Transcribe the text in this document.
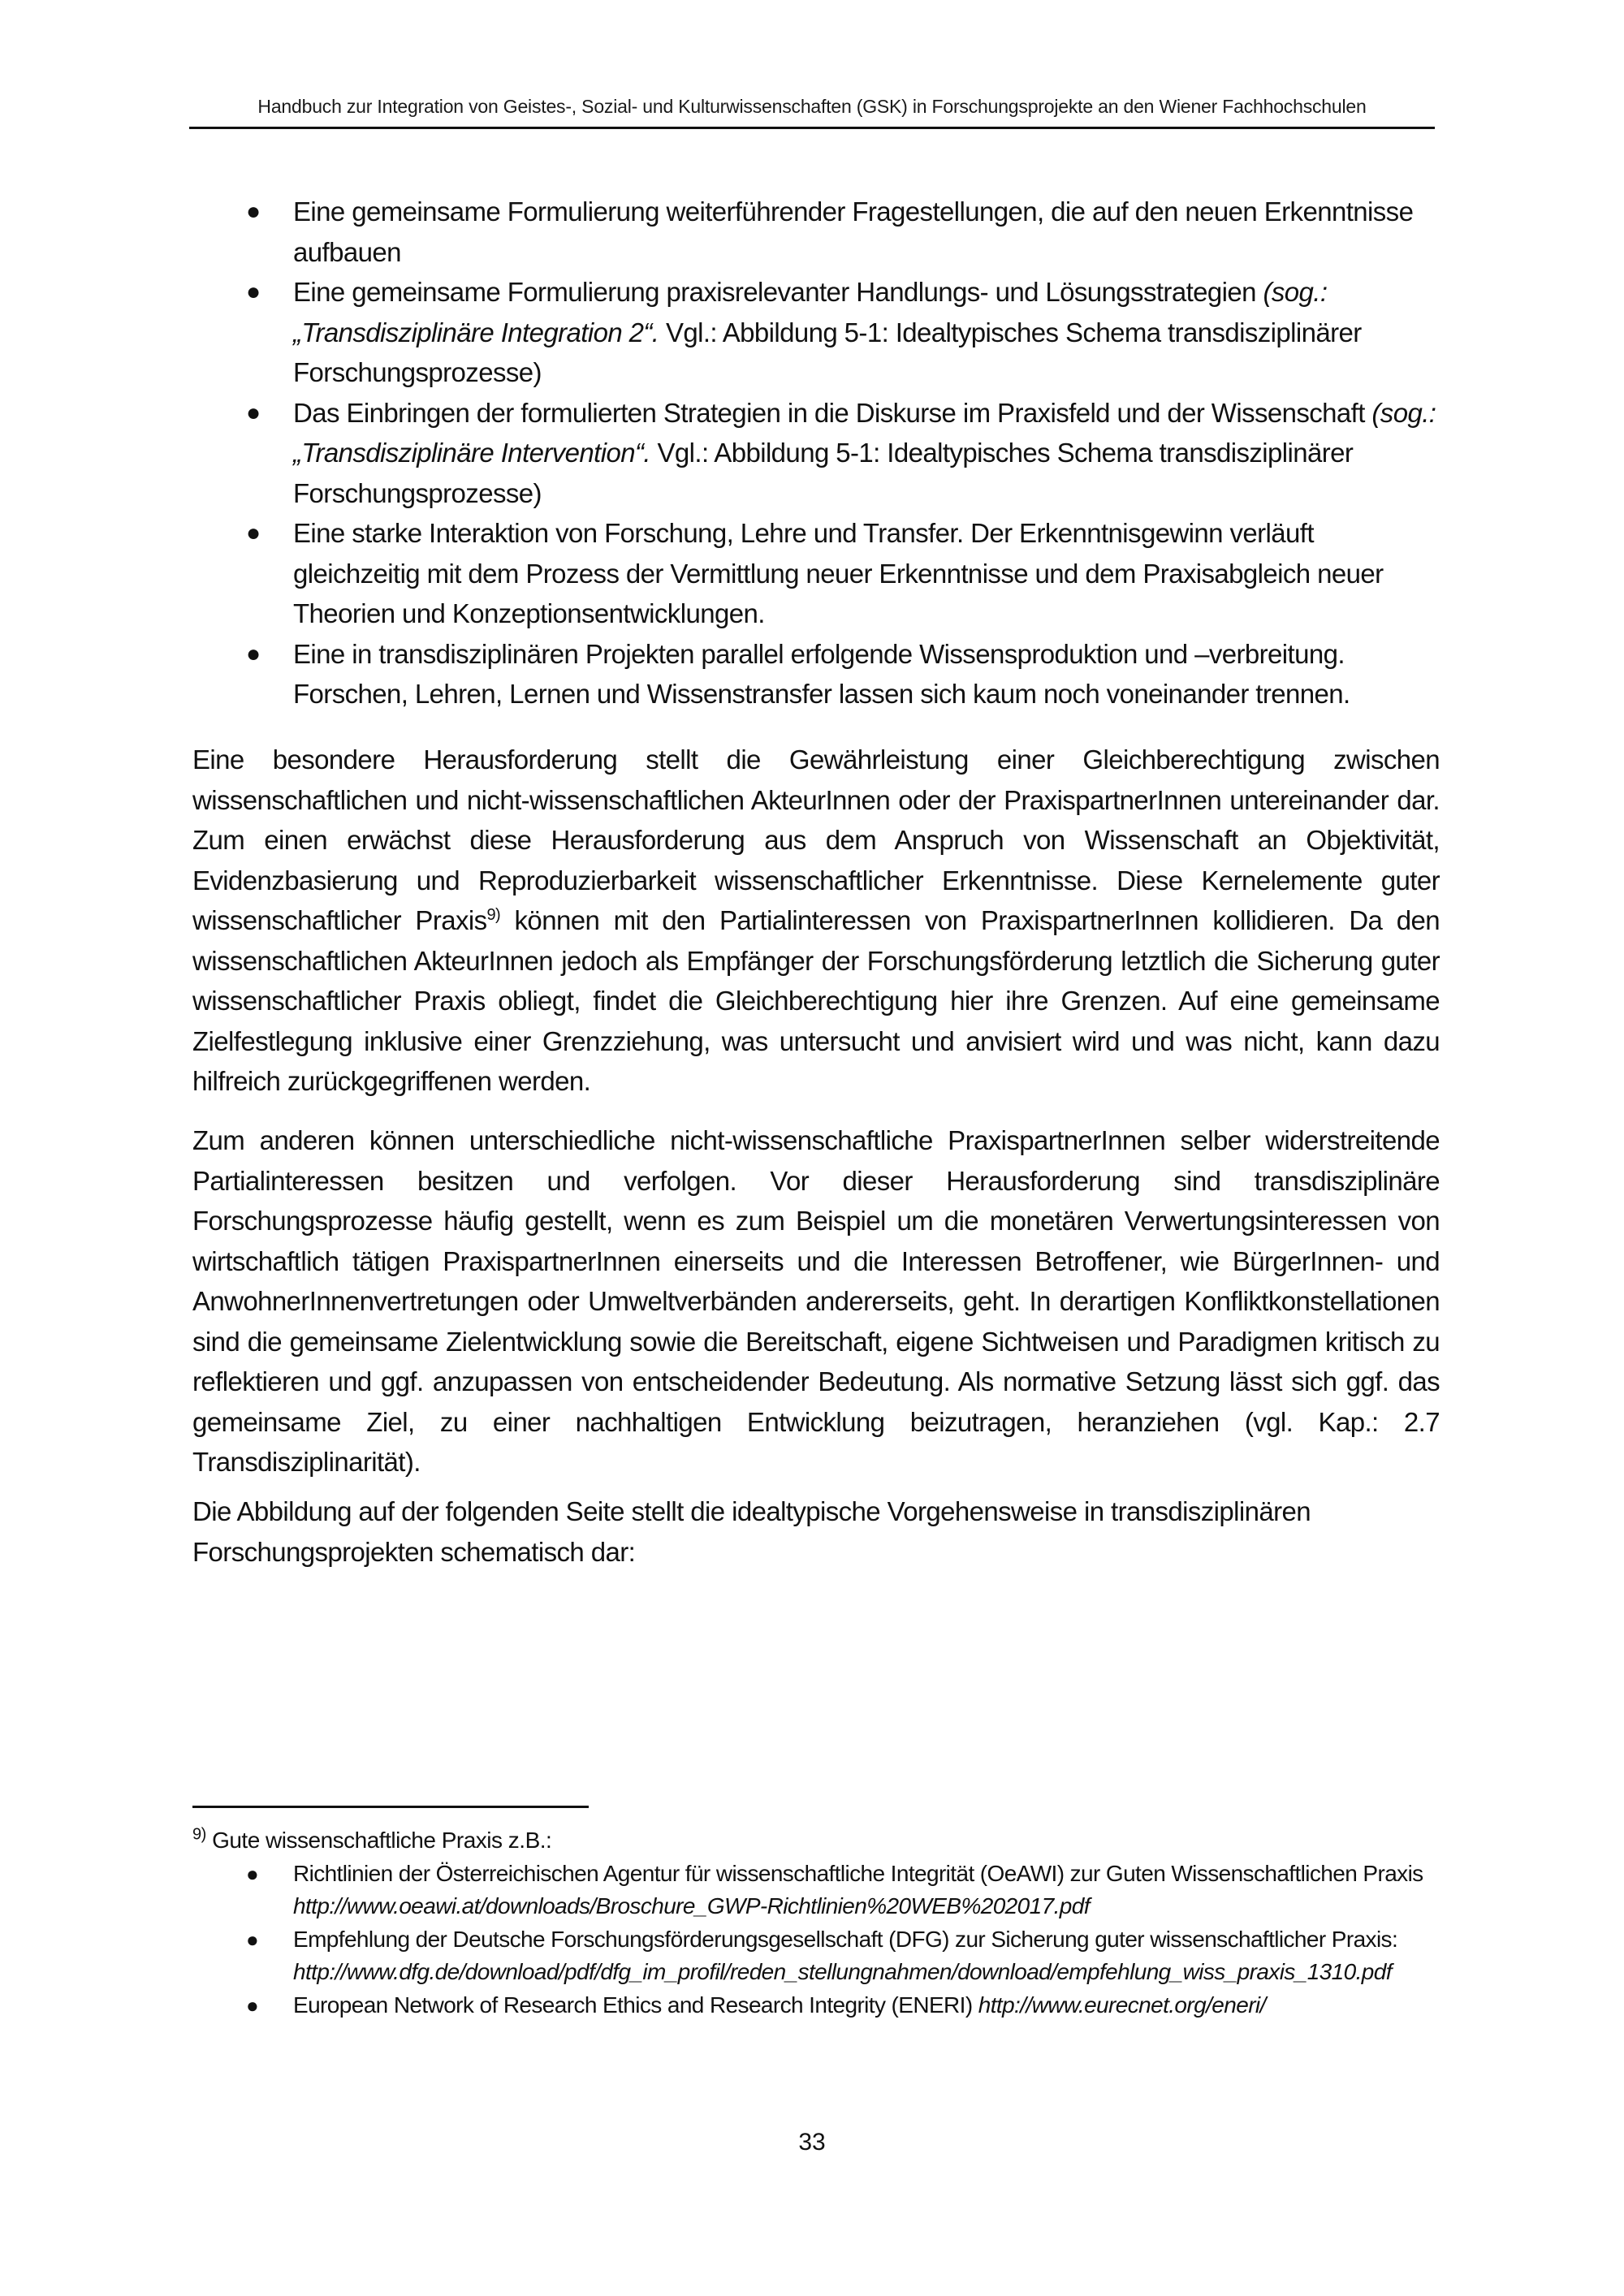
Handbuch zur Integration von Geistes-, Sozial- und Kulturwissenschaften (GSK) in Forschungsprojekte an den Wiener Fachhochschulen
● Eine gemeinsame Formulierung weiterführender Fragestellungen, die auf den neuen Erkenntnisse aufbauen
● Eine gemeinsame Formulierung praxisrelevanter Handlungs- und Lösungsstrategien (sog.: „Transdisziplinäre Integration 2“. Vgl.: Abbildung 5-1: Idealtypisches Schema transdisziplinärer Forschungsprozesse)
● Das Einbringen der formulierten Strategien in die Diskurse im Praxisfeld und der Wissenschaft (sog.: „Transdisziplinäre Intervention“. Vgl.: Abbildung 5-1: Idealtypisches Schema transdisziplinärer Forschungsprozesse)
● Eine starke Interaktion von Forschung, Lehre und Transfer. Der Erkenntnisgewinn verläuft gleichzeitig mit dem Prozess der Vermittlung neuer Erkenntnisse und dem Praxisabgleich neuer Theorien und Konzeptionsentwicklungen.
● Eine in transdisziplinären Projekten parallel erfolgende Wissensproduktion und –verbreitung. Forschen, Lehren, Lernen und Wissenstransfer lassen sich kaum noch voneinander trennen.

Eine besondere Herausforderung stellt die Gewährleistung einer Gleichberechtigung zwischen wissenschaftlichen und nicht-wissenschaftlichen AkteurInnen oder der PraxispartnerInnen untereinander dar. Zum einen erwächst diese Herausforderung aus dem Anspruch von Wissenschaft an Objektivität, Evidenzbasierung und Reproduzierbarkeit wissenschaftlicher Erkenntnisse. Diese Kernelemente guter wissenschaftlicher Praxis$^{9)}$ können mit den Partialinteressen von PraxispartnerInnen kollidieren. Da den wissenschaftlichen AkteurInnen jedoch als Empfänger der Forschungsförderung letztlich die Sicherung guter wissenschaftlicher Praxis obliegt, findet die Gleichberechtigung hier ihre Grenzen. Auf eine gemeinsame Zielfestlegung inklusive einer Grenzziehung, was untersucht und anvisiert wird und was nicht, kann dazu hilfreich zurückgegriffenen werden.

Zum anderen können unterschiedliche nicht-wissenschaftliche PraxispartnerInnen selber widerstreitende Partialinteressen besitzen und verfolgen. Vor dieser Herausforderung sind transdisziplinäre Forschungsprozesse häufig gestellt, wenn es zum Beispiel um die monetären Verwertungsinteressen von wirtschaftlich tätigen PraxispartnerInnen einerseits und die Interessen Betroffener, wie BürgerInnen- und AnwohnerInnenvertretungen oder Umweltverbänden andererseits, geht. In derartigen Konfliktkonstellationen sind die gemeinsame Zielentwicklung sowie die Bereitschaft, eigene Sichtweisen und Paradigmen kritisch zu reflektieren und ggf. anzupassen von entscheidender Bedeutung. Als normative Setzung lässt sich ggf. das gemeinsame Ziel, zu einer nachhaltigen Entwicklung beizutragen, heranziehen (vgl. Kap.: 2.7 Transdisziplinarität).

Die Abbildung auf der folgenden Seite stellt die idealtypische Vorgehensweise in transdisziplinären Forschungsprojekten schematisch dar:

$^{9)}$ Gute wissenschaftliche Praxis z.B.:
● Richtlinien der Österreichischen Agentur für wissenschaftliche Integrität (OeAWI) zur Guten Wissenschaftlichen Praxis http://www.oeawi.at/downloads/Broschure_GWP-Richtlinien%20WEB%202017.pdf
● Empfehlung der Deutsche Forschungsförderungsgesellschaft (DFG) zur Sicherung guter wissenschaftlicher Praxis: http://www.dfg.de/download/pdf/dfg_im_profil/reden_stellungnahmen/download/empfehlung_wiss_praxis_1310.pdf
● European Network of Research Ethics and Research Integrity (ENERI) http://www.eurecnet.org/eneri/
33
